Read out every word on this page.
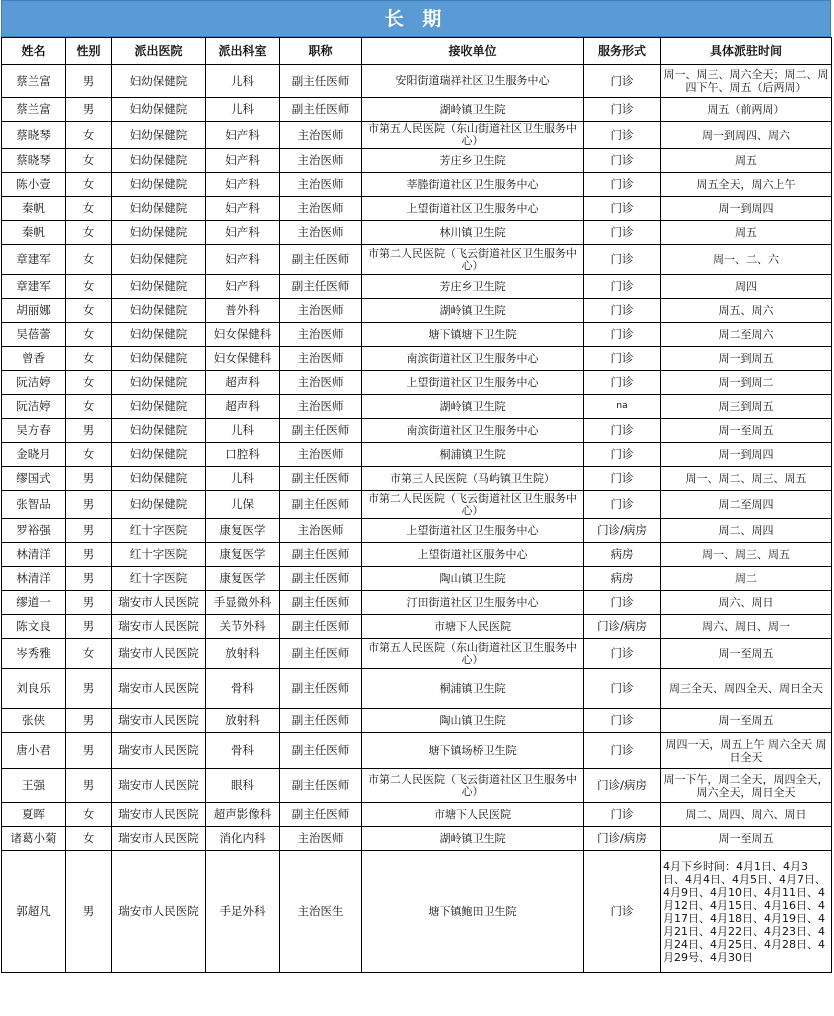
长 期
姓名	性别	派出医院	派出科室	职称	接收单位	服务形式	具体派驻时间
蔡兰富	男	妇幼保健院	儿科	副主任医师	安阳街道瑞祥社区卫生服务中心	门诊	周一、周三、周六全天；周二、周四下午、周五（后两周）
蔡兰富	男	妇幼保健院	儿科	副主任医师	湖岭镇卫生院	门诊	周五（前两周）
蔡晓琴	女	妇幼保健院	妇产科	主治医师	市第五人民医院（东山街道社区卫生服务中心）	门诊	周一到周四、周六
蔡晓琴	女	妇幼保健院	妇产科	主治医师	芳庄乡卫生院	门诊	周五
陈小壹	女	妇幼保健院	妇产科	主治医师	莘塍街道社区卫生服务中心	门诊	周五全天，周六上午
秦帆	女	妇幼保健院	妇产科	主治医师	上望街道社区卫生服务中心	门诊	周一到周四
秦帆	女	妇幼保健院	妇产科	主治医师	林川镇卫生院	门诊	周五
章建军	女	妇幼保健院	妇产科	副主任医师	市第二人民医院（飞云街道社区卫生服务中心）	门诊	周一、二、六
章建军	女	妇幼保健院	妇产科	副主任医师	芳庄乡卫生院	门诊	周四
胡丽娜	女	妇幼保健院	普外科	主治医师	湖岭镇卫生院	门诊	周五、周六
吴蓓蕾	女	妇幼保健院	妇女保健科	主治医师	塘下镇塘下卫生院	门诊	周二至周六
曾香	女	妇幼保健院	妇女保健科	主治医师	南滨街道社区卫生服务中心	门诊	周一到周五
阮洁婷	女	妇幼保健院	超声科	主治医师	上望街道社区卫生服务中心	门诊	周一到周二
阮洁婷	女	妇幼保健院	超声科	主治医师	湖岭镇卫生院	na	周三到周五
吴方春	男	妇幼保健院	儿科	副主任医师	南滨街道社区卫生服务中心	门诊	周一至周五
金晓月	女	妇幼保健院	口腔科	主治医师	桐浦镇卫生院	门诊	周一到周四
缪国式	男	妇幼保健院	儿科	副主任医师	市第三人民医院（马屿镇卫生院）	门诊	周一、周二、周三、周五
张智品	男	妇幼保健院	儿保	副主任医师	市第二人民医院（飞云街道社区卫生服务中心）	门诊	周二至周四
罗裕强	男	红十字医院	康复医学	主治医师	上望街道社区卫生服务中心	门诊/病房	周二、周四
林清洋	男	红十字医院	康复医学	副主任医师	上望街道社区服务中心	病房	周一、周三、周五
林清洋	男	红十字医院	康复医学	副主任医师	陶山镇卫生院	病房	周二
缪道一	男	瑞安市人民医院	手显微外科	副主任医师	汀田街道社区卫生服务中心	门诊	周六、周日
陈文良	男	瑞安市人民医院	关节外科	副主任医师	市塘下人民医院	门诊/病房	周六、周日、周一
岑秀雅	女	瑞安市人民医院	放射科	副主任医师	市第五人民医院（东山街道社区卫生服务中心）	门诊	周一至周五
刘良乐	男	瑞安市人民医院	骨科	副主任医师	桐浦镇卫生院	门诊	周三全天、周四全天、周日全天
张侠	男	瑞安市人民医院	放射科	副主任医师	陶山镇卫生院	门诊	周一至周五
唐小君	男	瑞安市人民医院	骨科	副主任医师	塘下镇场桥卫生院	门诊	周四一天，周五上午 周六全天 周日全天
王强	男	瑞安市人民医院	眼科	副主任医师	市第二人民医院（飞云街道社区卫生服务中心）	门诊/病房	周一下午，周二全天，周四全天，周六全天，周日全天
夏晖	女	瑞安市人民医院	超声影像科	副主任医师	市塘下人民医院	门诊	周二、周四、周六、周日
诸葛小菊	女	瑞安市人民医院	消化内科	主治医师	湖岭镇卫生院	门诊/病房	周一至周五
郭超凡	男	瑞安市人民医院	手足外科	主治医生	塘下镇鲍田卫生院	门诊	4月下乡时间：4月1日、4月3日、4月4日、4月5日、4月7日、4月9日、4月10日、4月11日、4月12日、4月15日、4月16日、4月17日、4月18日、4月19日、4月21日、4月22日、4月23日、4月24日、4月25日、4月28日、4月29号、4月30日
